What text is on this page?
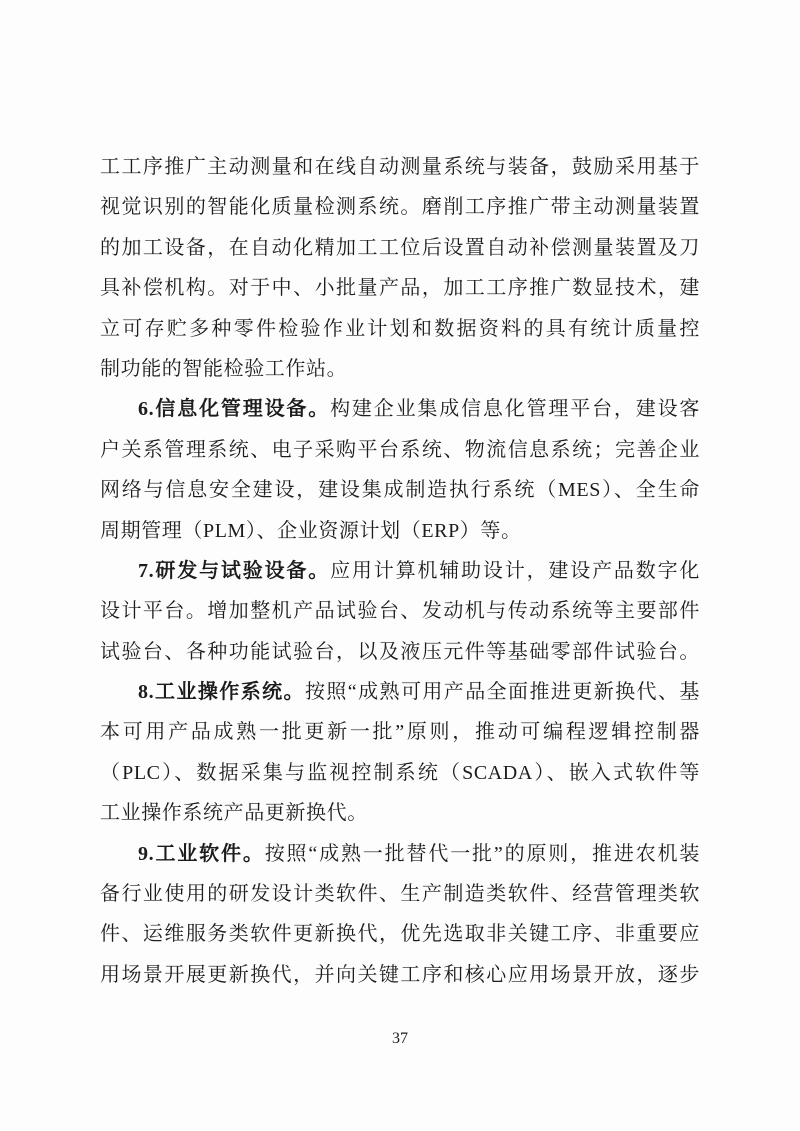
工工序推广主动测量和在线自动测量系统与装备，鼓励采用基于
视觉识别的智能化质量检测系统。磨削工序推广带主动测量装置
的加工设备，在自动化精加工工位后设置自动补偿测量装置及刀
具补偿机构。对于中、小批量产品，加工工序推广数显技术，建
立可存贮多种零件检验作业计划和数据资料的具有统计质量控
制功能的智能检验工作站。
6.信息化管理设备。构建企业集成信息化管理平台，建设客
户关系管理系统、电子采购平台系统、物流信息系统；完善企业
网络与信息安全建设，建设集成制造执行系统（MES）、全生命
周期管理（PLM）、企业资源计划（ERP）等。
7.研发与试验设备。应用计算机辅助设计，建设产品数字化
设计平台。增加整机产品试验台、发动机与传动系统等主要部件
试验台、各种功能试验台，以及液压元件等基础零部件试验台。
8.工业操作系统。按照“成熟可用产品全面推进更新换代、基
本可用产品成熟一批更新一批”原则，推动可编程逻辑控制器
（PLC）、数据采集与监视控制系统（SCADA）、嵌入式软件等
工业操作系统产品更新换代。
9.工业软件。按照“成熟一批替代一批”的原则，推进农机装
备行业使用的研发设计类软件、生产制造类软件、经营管理类软
件、运维服务类软件更新换代，优先选取非关键工序、非重要应
用场景开展更新换代，并向关键工序和核心应用场景开放，逐步
37
